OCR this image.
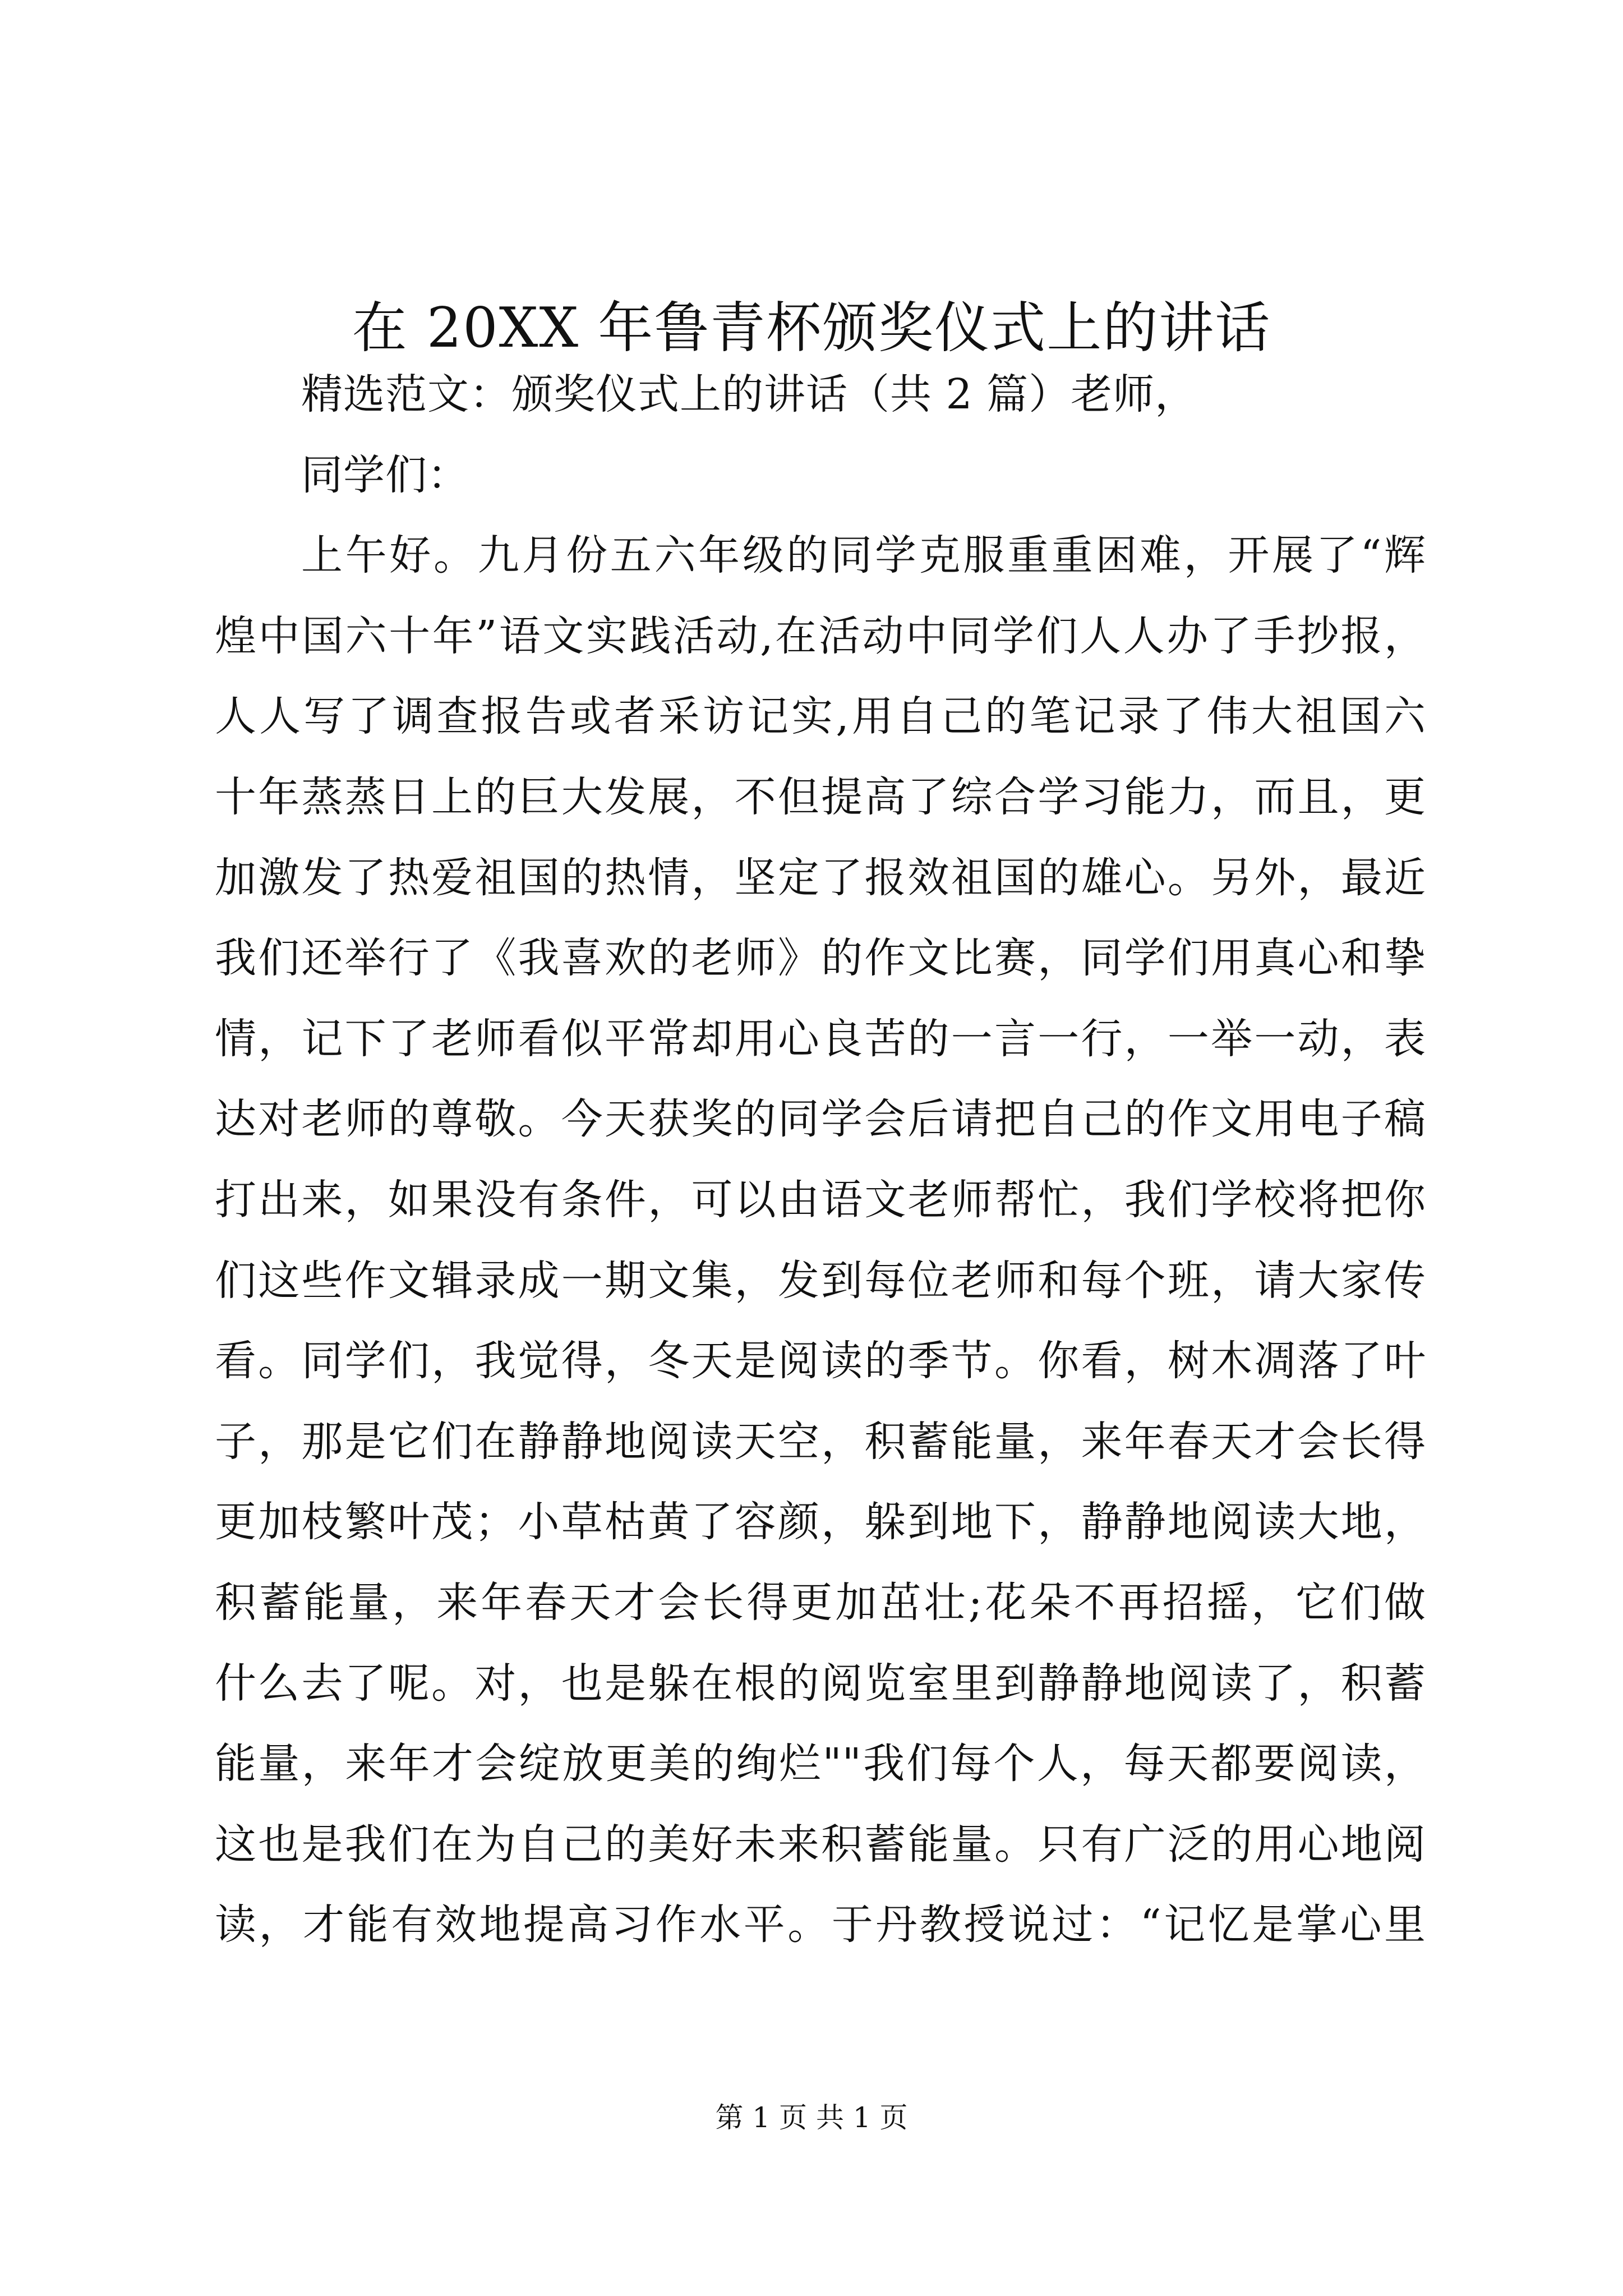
在 20XX 年鲁青杯颁奖仪式上的讲话
精选范文：颁奖仪式上的讲话（共 2 篇）老师，
同学们：
上午好。九月份五六年级的同学克服重重困难，开展了“辉
煌中国六十年”语文实践活动,在活动中同学们人人办了手抄报，
人人写了调查报告或者采访记实,用自己的笔记录了伟大祖国六
十年蒸蒸日上的巨大发展，不但提高了综合学习能力，而且，更
加激发了热爱祖国的热情，坚定了报效祖国的雄心。另外，最近
我们还举行了《我喜欢的老师》的作文比赛，同学们用真心和挚
情，记下了老师看似平常却用心良苦的一言一行，一举一动，表
达对老师的尊敬。今天获奖的同学会后请把自己的作文用电子稿
打出来，如果没有条件，可以由语文老师帮忙，我们学校将把你
们这些作文辑录成一期文集，发到每位老师和每个班，请大家传
看。同学们，我觉得，冬天是阅读的季节。你看，树木凋落了叶
子，那是它们在静静地阅读天空，积蓄能量，来年春天才会长得
更加枝繁叶茂；小草枯黄了容颜，躲到地下，静静地阅读大地，
积蓄能量，来年春天才会长得更加茁壮;花朵不再招摇，它们做
什么去了呢。对，也是躲在根的阅览室里到静静地阅读了，积蓄
能量，来年才会绽放更美的绚烂""我们每个人，每天都要阅读，
这也是我们在为自己的美好未来积蓄能量。只有广泛的用心地阅
读，才能有效地提高习作水平。于丹教授说过：“记忆是掌心里
第 1 页 共 1 页
